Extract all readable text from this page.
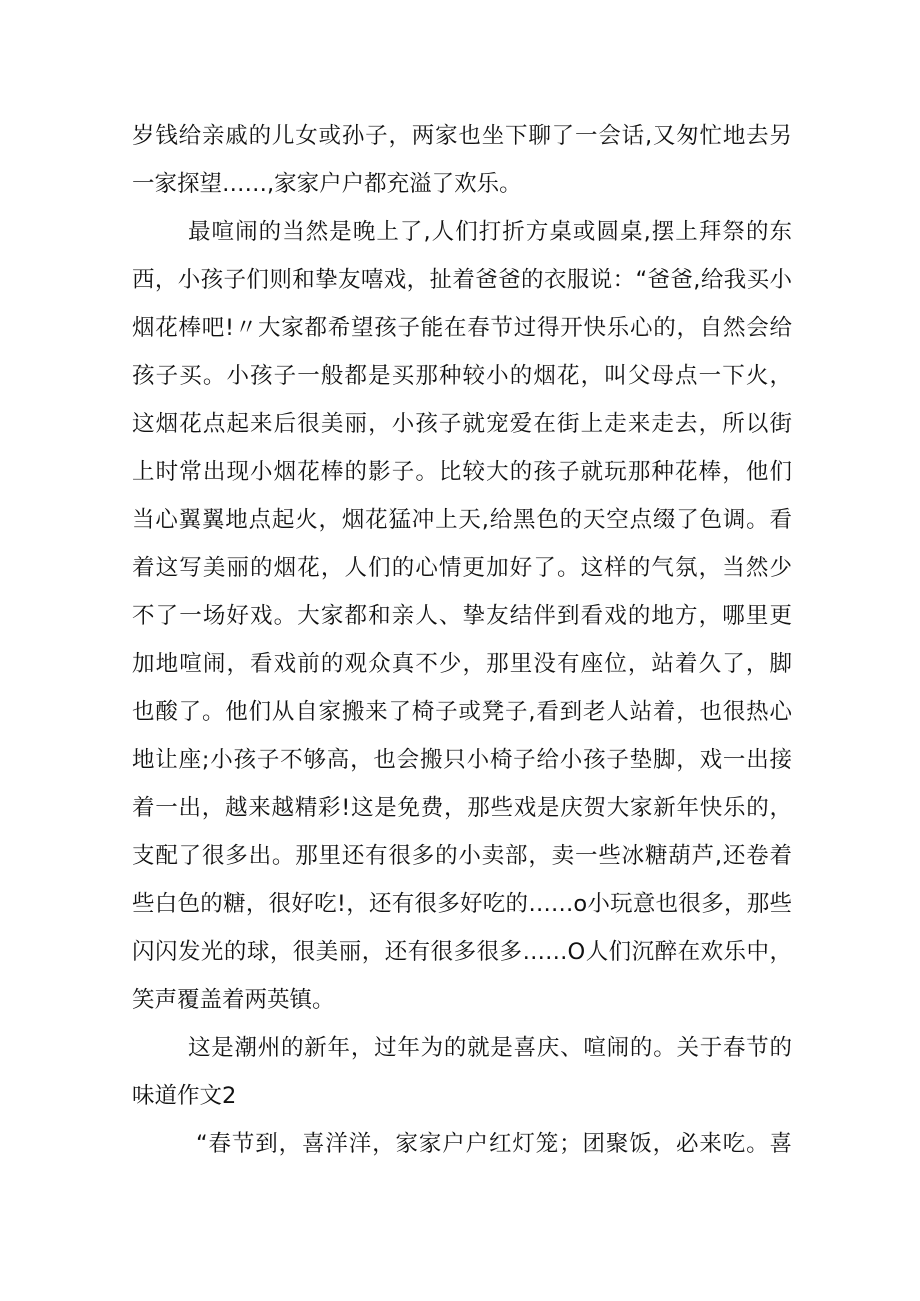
岁钱给亲戚的儿女或孙子，两家也坐下聊了一会话,又匆忙地去另
一家探望……,家家户户都充溢了欢乐。
最喧闹的当然是晚上了,人们打折方桌或圆桌,摆上拜祭的东
西，小孩子们则和挚友嘻戏，扯着爸爸的衣服说：“爸爸,给我买小
烟花棒吧!〃大家都希望孩子能在春节过得开快乐心的，自然会给
孩子买。小孩子一般都是买那种较小的烟花，叫父母点一下火，
这烟花点起来后很美丽，小孩子就宠爱在街上走来走去，所以街
上时常出现小烟花棒的影子。比较大的孩子就玩那种花棒，他们
当心翼翼地点起火，烟花猛冲上天,给黑色的天空点缀了色调。看
着这写美丽的烟花，人们的心情更加好了。这样的气氛，当然少
不了一场好戏。大家都和亲人、挚友结伴到看戏的地方，哪里更
加地喧闹，看戏前的观众真不少，那里没有座位，站着久了，脚
也酸了。他们从自家搬来了椅子或凳子,看到老人站着，也很热心
地让座;小孩子不够高，也会搬只小椅子给小孩子垫脚，戏一出接
着一出，越来越精彩!这是免费，那些戏是庆贺大家新年快乐的，
支配了很多出。那里还有很多的小卖部，卖一些冰糖葫芦,还卷着
些白色的糖，很好吃!，还有很多好吃的……o小玩意也很多，那些
闪闪发光的球，很美丽，还有很多很多……O人们沉醉在欢乐中，
笑声覆盖着两英镇。
这是潮州的新年，过年为的就是喜庆、喧闹的。关于春节的
味道作文2
“春节到，喜洋洋，家家户户红灯笼；团聚饭，必来吃。喜
